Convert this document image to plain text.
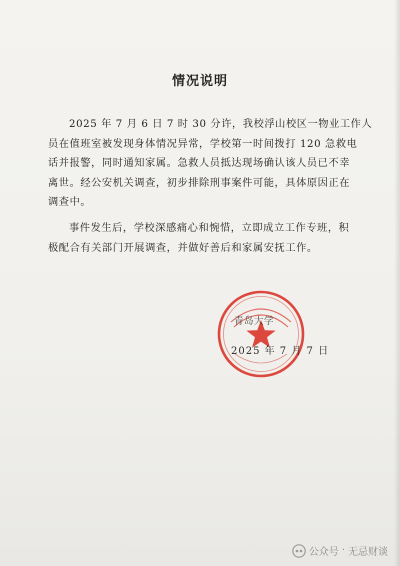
情况说明
2025 年 7 月 6 日 7 时 30 分许，我校浮山校区一物业工作人
员在值班室被发现身体情况异常，学校第一时间拨打 120 急救电
话并报警，同时通知家属。急救人员抵达现场确认该人员已不幸
离世。经公安机关调查，初步排除刑事案件可能，具体原因正在
调查中。
事件发生后，学校深感痛心和惋惜，立即成立工作专班，积
极配合有关部门开展调查，并做好善后和家属安抚工作。
青岛大学
2025 年 7 月 7 日
公众号 · 无忌财谈
